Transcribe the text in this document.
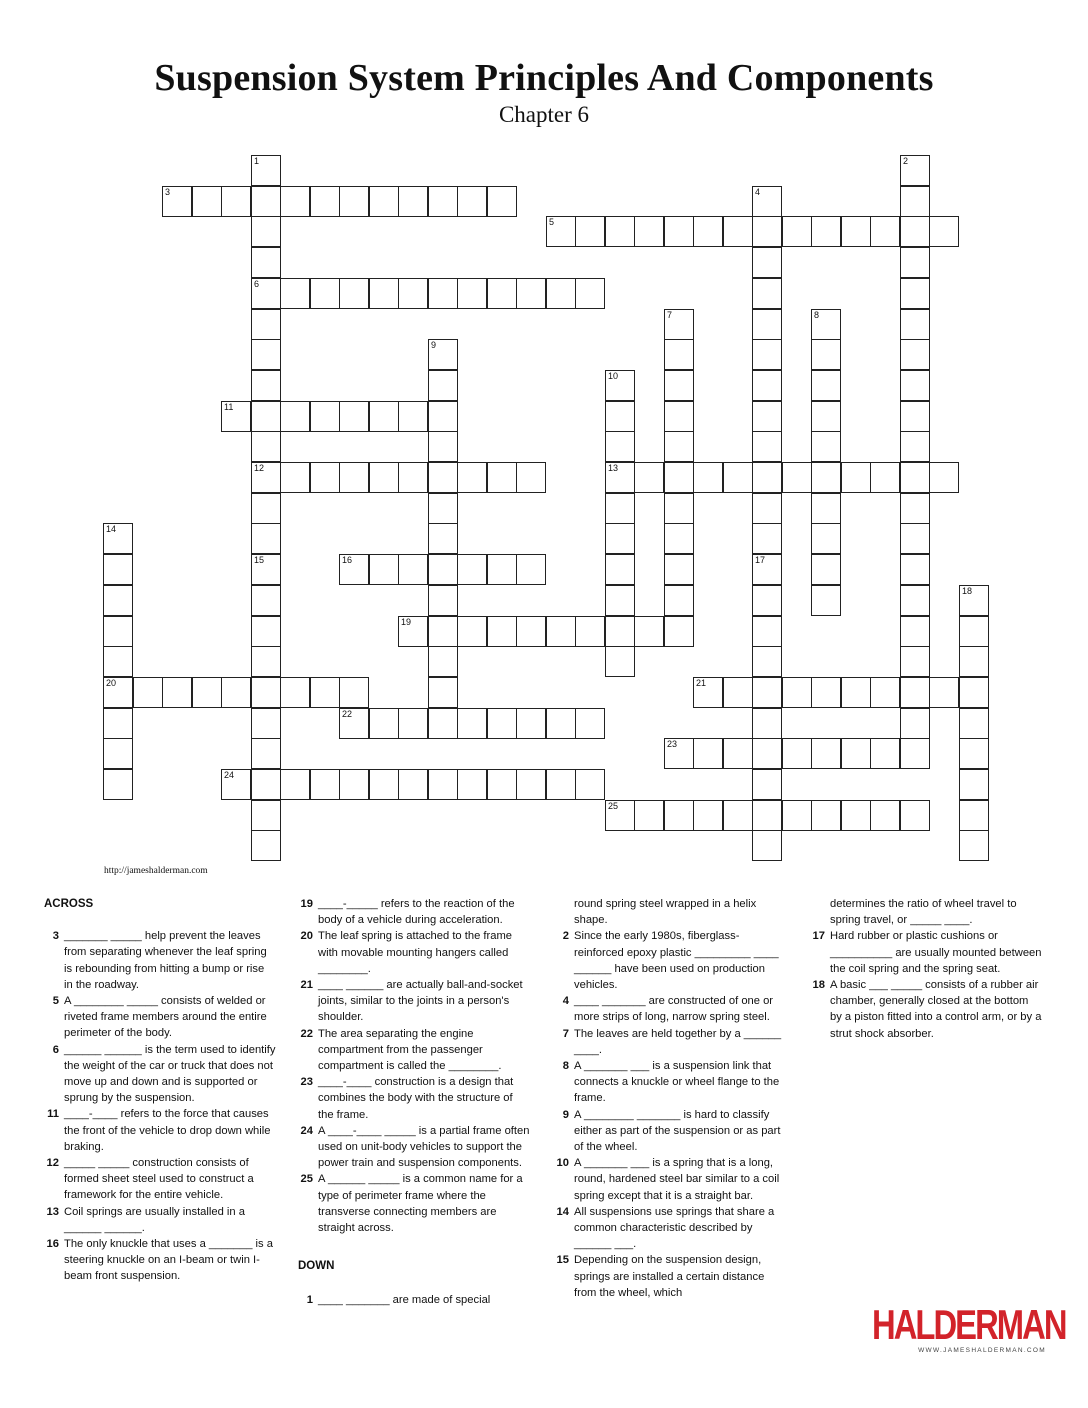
Suspension System Principles And Components
Chapter 6
1
6
12
15
2
3	4
5
7	8
9
10
13
11
14
20
16	17
18
19
21
22
23
24
25
http://jameshalderman.com
ACROSS
3 _______ _____ help prevent the leaves from separating whenever the leaf spring is rebounding from hitting a bump or rise in the roadway.
5 A ________ _____ consists of welded or riveted frame members around the entire perimeter of the body.
6 ______ ______ is the term used to identify the weight of the car or truck that does not move up and down and is supported or sprung by the suspension.
11 ____-____ refers to the force that causes the front of the vehicle to drop down while braking.
12 _____ _____ construction consists of formed sheet steel used to construct a framework for the entire vehicle.
13 Coil springs are usually installed in a ______ ______.
16 The only knuckle that uses a _______ is a steering knuckle on an I-beam or twin I-beam front suspension.
19 ____-_____ refers to the reaction of the body of a vehicle during acceleration.
20 The leaf spring is attached to the frame with movable mounting hangers called ________.
21 ____ ______ are actually ball-and-socket joints, similar to the joints in a person's shoulder.
22 The area separating the engine compartment from the passenger compartment is called the ________.
23 ____-____ construction is a design that combines the body with the structure of the frame.
24 A ____-____ _____ is a partial frame often used on unit-body vehicles to support the power train and suspension components.
25 A ______ _____ is a common name for a type of perimeter frame where the transverse connecting members are straight across.
DOWN
1 ____ _______ are made of special
round spring steel wrapped in a helix shape.
2 Since the early 1980s, fiberglass-reinforced epoxy plastic _________ ____ ______ have been used on production vehicles.
4 ____ _______ are constructed of one or more strips of long, narrow spring steel.
7 The leaves are held together by a ______ ____.
8 A _______ ___ is a suspension link that connects a knuckle or wheel flange to the frame.
9 A ________ _______ is hard to classify either as part of the suspension or as part of the wheel.
10 A _______ ___ is a spring that is a long, round, hardened steel bar similar to a coil spring except that it is a straight bar.
14 All suspensions use springs that share a common characteristic described by ______ ___.
15 Depending on the suspension design, springs are installed a certain distance from the wheel, which
determines the ratio of wheel travel to spring travel, or _____ ____.
17 Hard rubber or plastic cushions or __________ are usually mounted between the coil spring and the spring seat.
18 A basic ___ _____ consists of a rubber air chamber, generally closed at the bottom by a piston fitted into a control arm, or by a strut shock absorber.
HALDERMAN
WWW.JAMESHALDERMAN.COM
